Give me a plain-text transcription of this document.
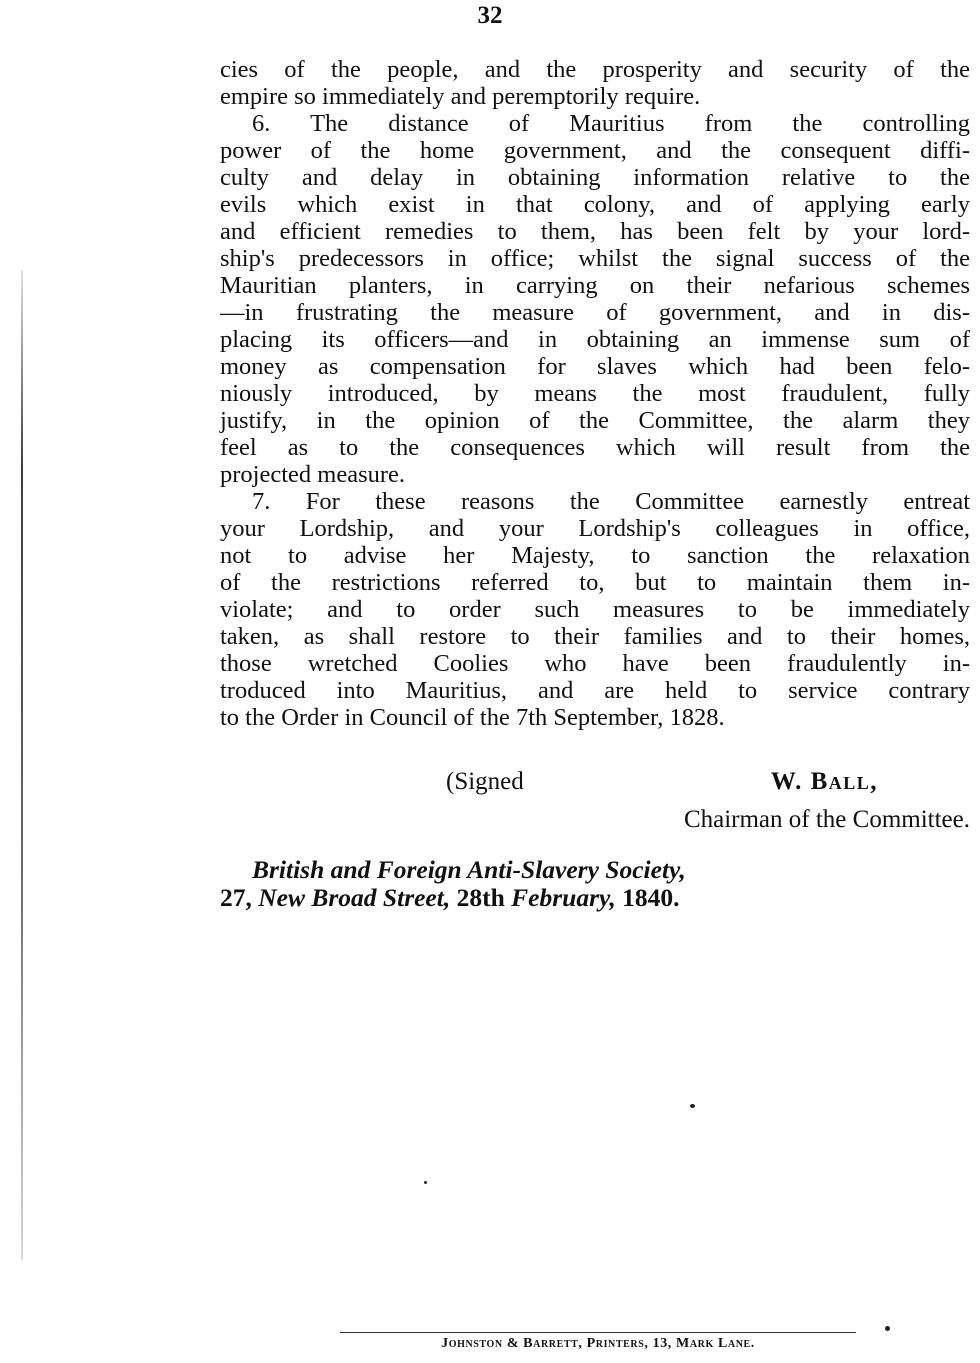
32
cies of the people, and the prosperity and security of the
empire so immediately and peremptorily require.
6. The distance of Mauritius from the controlling
power of the home government, and the consequent diffi-
culty and delay in obtaining information relative to the
evils which exist in that colony, and of applying early
and efficient remedies to them, has been felt by your lord-
ship's predecessors in office; whilst the signal success of the
Mauritian planters, in carrying on their nefarious schemes
—in frustrating the measure of government, and in dis-
placing its officers—and in obtaining an immense sum of
money as compensation for slaves which had been felo-
niously introduced, by means the most fraudulent, fully
justify, in the opinion of the Committee, the alarm they
feel as to the consequences which will result from the
projected measure.
7. For these reasons the Committee earnestly entreat
your Lordship, and your Lordship's colleagues in office,
not to advise her Majesty, to sanction the relaxation
of the restrictions referred to, but to maintain them in-
violate; and to order such measures to be immediately
taken, as shall restore to their families and to their homes,
those wretched Coolies who have been fraudulently in-
troduced into Mauritius, and are held to service contrary
to the Order in Council of the 7th September, 1828.
(Signed	W. Ball,
Chairman of the Committee.
British and Foreign Anti-Slavery Society,
27, New Broad Street, 28th February, 1840.
Johnston & Barrett, Printers, 13, Mark Lane.
